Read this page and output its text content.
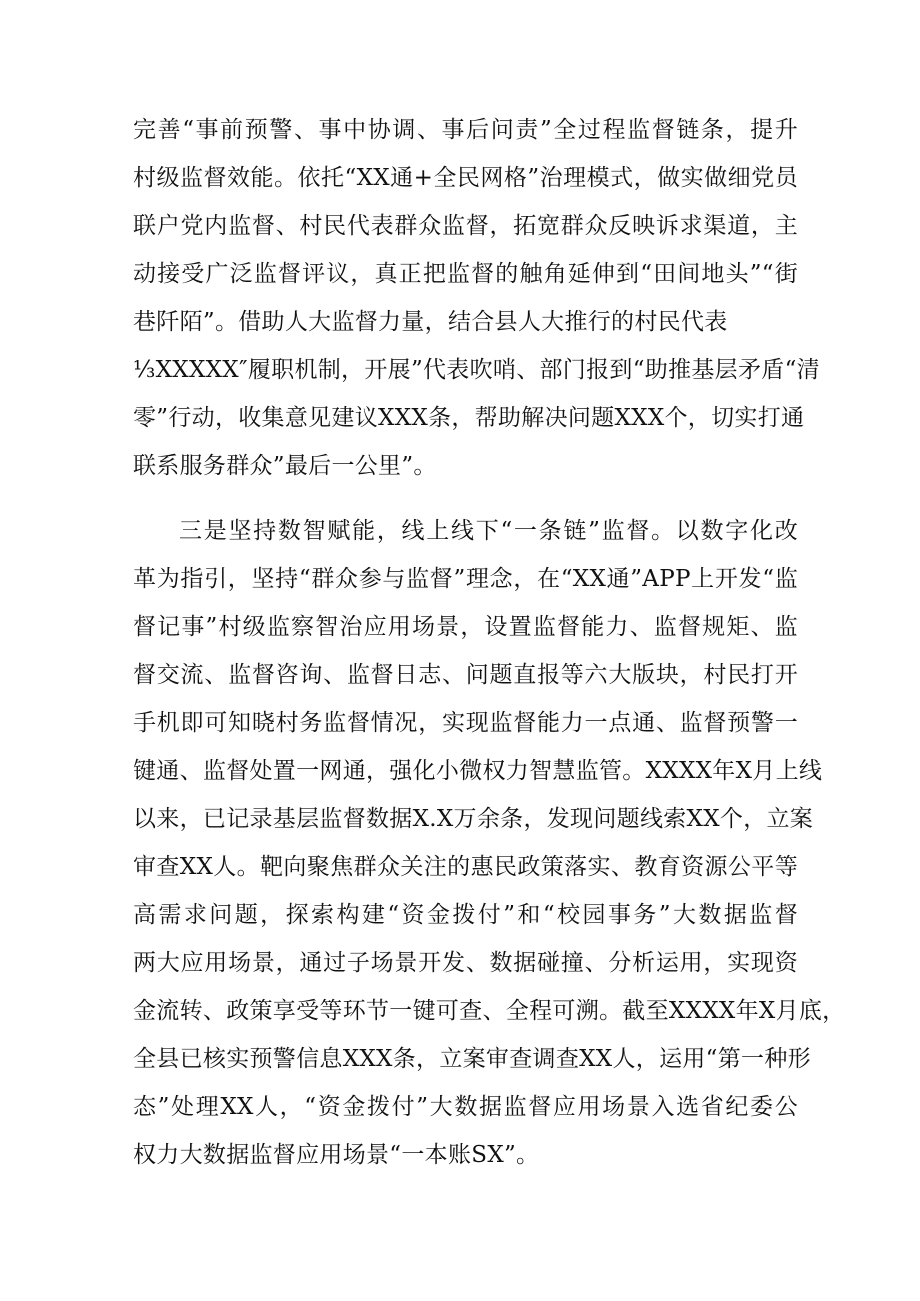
完善“事前预警、事中协调、事后问责”全过程监督链条，提升
村级监督效能。依托“XX通+全民网格”治理模式，做实做细党员
联户党内监督、村民代表群众监督，拓宽群众反映诉求渠道，主
动接受广泛监督评议，真正把监督的触角延伸到“田间地头”“街
巷阡陌”。借助人大监督力量，结合县人大推行的村民代表
⅓XXXXX″履职机制，开展”代表吹哨、部门报到“助推基层矛盾“清
零”行动，收集意见建议XXX条，帮助解决问题XXX个，切实打通
联系服务群众”最后一公里”。
三是坚持数智赋能，线上线下“一条链”监督。以数字化改
革为指引，坚持“群众参与监督”理念，在“XX通”APP上开发“监
督记事”村级监察智治应用场景，设置监督能力、监督规矩、监
督交流、监督咨询、监督日志、问题直报等六大版块，村民打开
手机即可知晓村务监督情况，实现监督能力一点通、监督预警一
键通、监督处置一网通，强化小微权力智慧监管。XXXX年X月上线
以来，已记录基层监督数据X.X万余条，发现问题线索XX个，立案
审查XX人。靶向聚焦群众关注的惠民政策落实、教育资源公平等
高需求问题，探索构建“资金拨付”和“校园事务”大数据监督
两大应用场景，通过子场景开发、数据碰撞、分析运用，实现资
金流转、政策享受等环节一键可查、全程可溯。截至XXXX年X月底，
全县已核实预警信息XXX条，立案审查调查XX人，运用“第一种形
态”处理XX人，“资金拨付”大数据监督应用场景入选省纪委公
权力大数据监督应用场景“一本账SX”。
